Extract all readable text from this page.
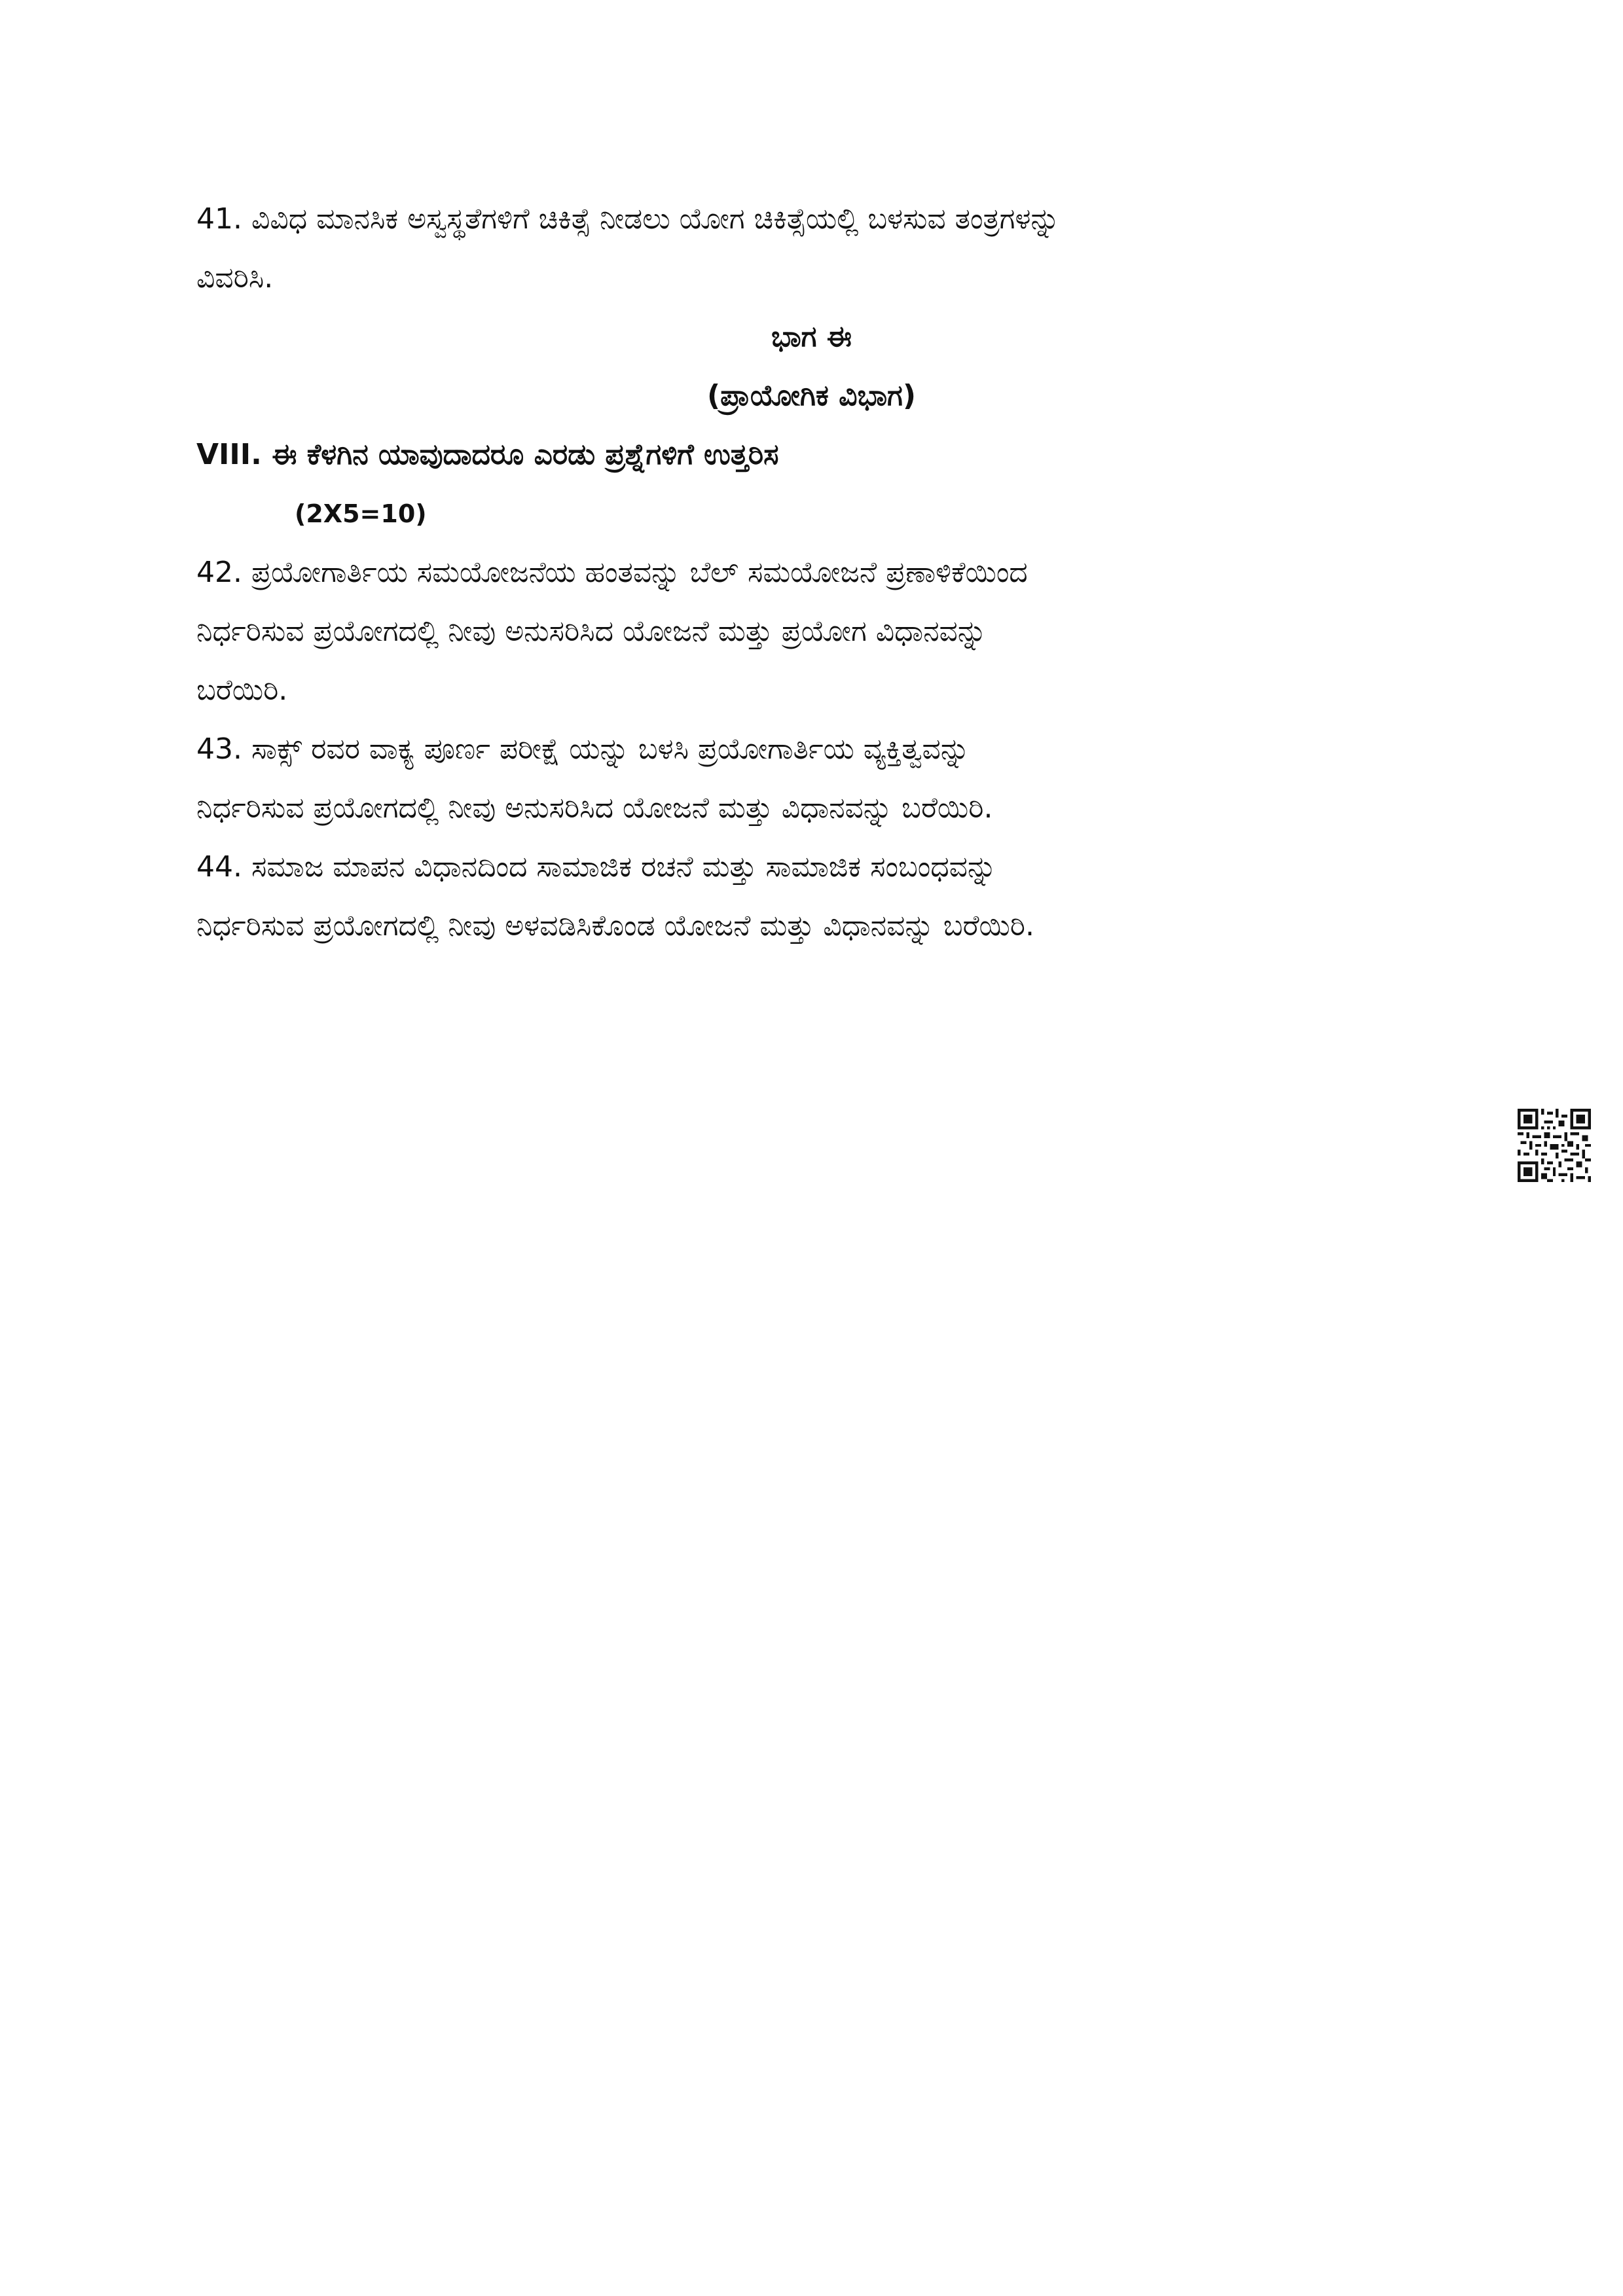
41. ವಿವಿಧ ಮಾನಸಿಕ ಅಸ್ವಸ್ಥತೆಗಳಿಗೆ ಚಿಕಿತ್ಸೆ ನೀಡಲು ಯೋಗ ಚಿಕಿತ್ಸೆಯಲ್ಲಿ ಬಳಸುವ ತಂತ್ರಗಳನ್ನು
ವಿವರಿಸಿ.
ಭಾಗ ಈ
(ಪ್ರಾಯೋಗಿಕ ವಿಭಾಗ)
VIII. ಈ ಕೆಳಗಿನ ಯಾವುದಾದರೂ ಎರಡು ಪ್ರಶ್ನೆಗಳಿಗೆ ಉತ್ತರಿಸ
(2X5=10)
42. ಪ್ರಯೋಗಾರ್ತಿಯ ಸಮಯೋಜನೆಯ ಹಂತವನ್ನು ಬೆಲ್ ಸಮಯೋಜನೆ ಪ್ರಣಾಳಿಕೆಯಿಂದ
ನಿರ್ಧರಿಸುವ ಪ್ರಯೋಗದಲ್ಲಿ ನೀವು ಅನುಸರಿಸಿದ ಯೋಜನೆ ಮತ್ತು ಪ್ರಯೋಗ ವಿಧಾನವನ್ನು
ಬರೆಯಿರಿ.
43. ಸಾಕ್ಸ್ ರವರ ವಾಕ್ಯ ಪೂರ್ಣ ಪರೀಕ್ಷೆ ಯನ್ನು ಬಳಸಿ ಪ್ರಯೋಗಾರ್ತಿಯ ವ್ಯಕ್ತಿತ್ವವನ್ನು
ನಿರ್ಧರಿಸುವ ಪ್ರಯೋಗದಲ್ಲಿ ನೀವು ಅನುಸರಿಸಿದ ಯೋಜನೆ ಮತ್ತು ವಿಧಾನವನ್ನು ಬರೆಯಿರಿ.
44. ಸಮಾಜ ಮಾಪನ ವಿಧಾನದಿಂದ ಸಾಮಾಜಿಕ ರಚನೆ ಮತ್ತು ಸಾಮಾಜಿಕ ಸಂಬಂಧವನ್ನು
ನಿರ್ಧರಿಸುವ ಪ್ರಯೋಗದಲ್ಲಿ ನೀವು ಅಳವಡಿಸಿಕೊಂಡ ಯೋಜನೆ ಮತ್ತು ವಿಧಾನವನ್ನು ಬರೆಯಿರಿ.
